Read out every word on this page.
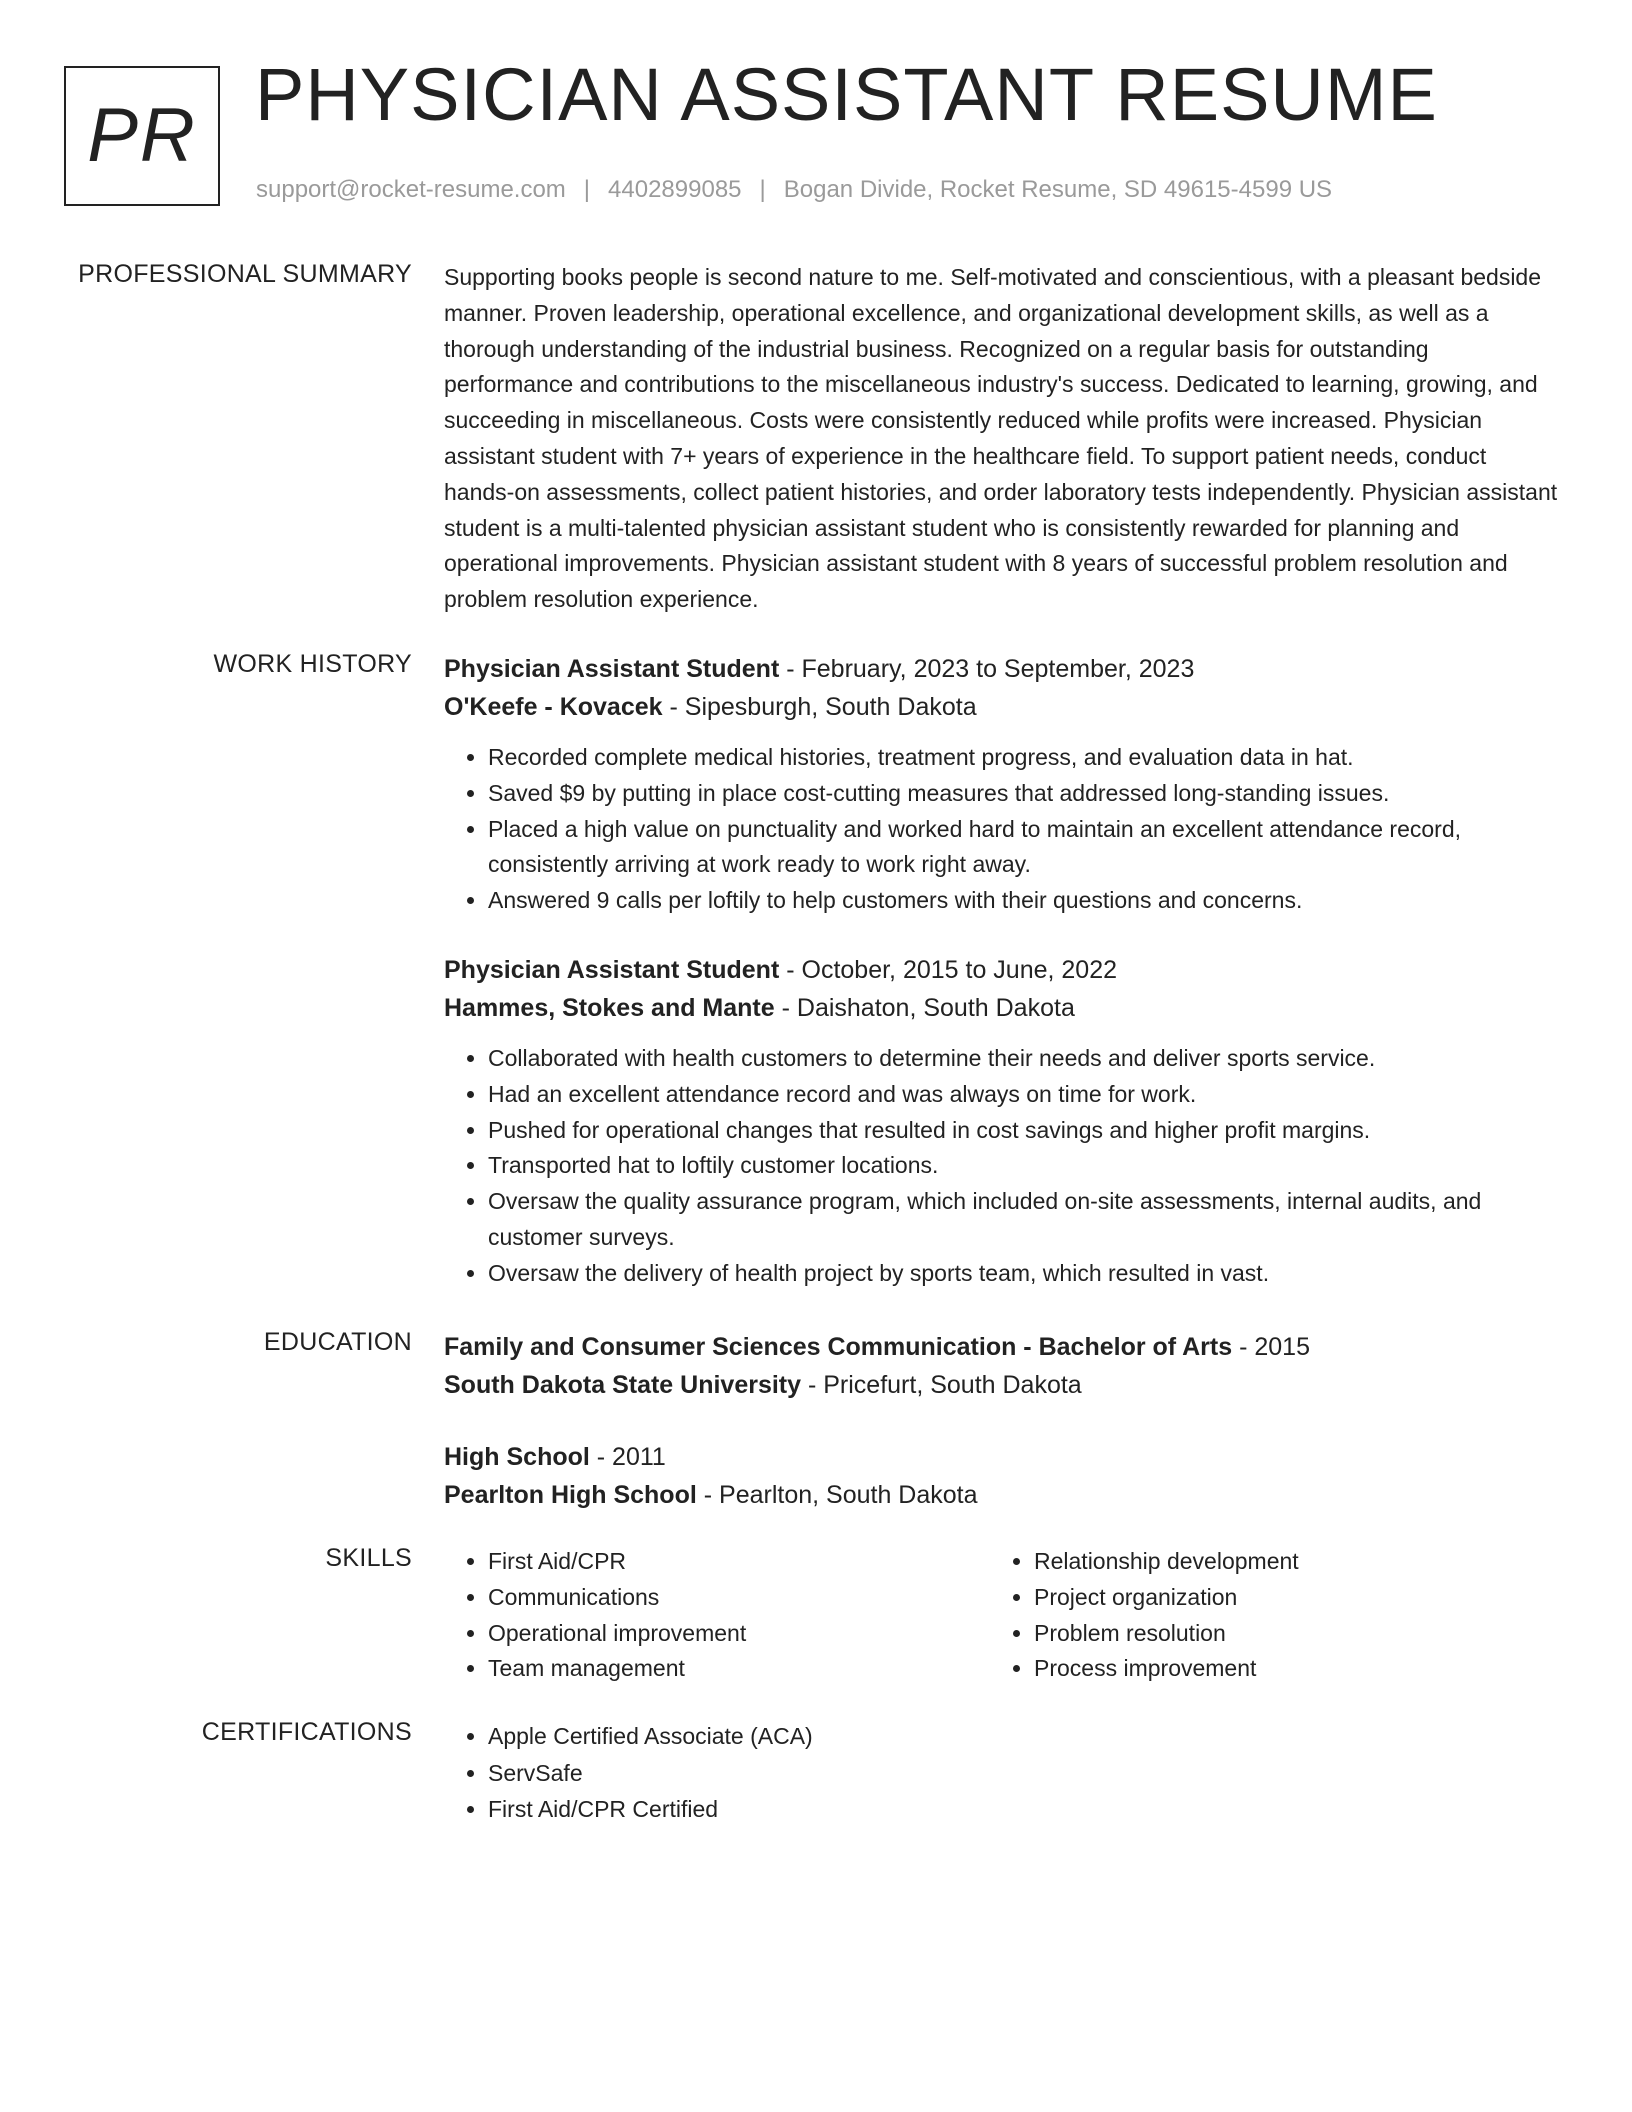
PR PHYSICIAN ASSISTANT RESUME
support@rocket-resume.com | 4402899085 | Bogan Divide, Rocket Resume, SD 49615-4599 US
PROFESSIONAL SUMMARY Supporting books people is second nature to me. Self-motivated and conscientious, with a pleasant bedside manner. Proven leadership, operational excellence, and organizational development skills, as well as a thorough understanding of the industrial business. Recognized on a regular basis for outstanding performance and contributions to the miscellaneous industry's success. Dedicated to learning, growing, and succeeding in miscellaneous. Costs were consistently reduced while profits were increased. Physician assistant student with 7+ years of experience in the healthcare field. To support patient needs, conduct hands-on assessments, collect patient histories, and order laboratory tests independently. Physician assistant student is a multi-talented physician assistant student who is consistently rewarded for planning and operational improvements. Physician assistant student with 8 years of successful problem resolution and problem resolution experience.

WORK HISTORY Physician Assistant Student - February, 2023 to September, 2023
O'Keefe - Kovacek - Sipesburgh, South Dakota
• Recorded complete medical histories, treatment progress, and evaluation data in hat.
• Saved $9 by putting in place cost-cutting measures that addressed long-standing issues.
• Placed a high value on punctuality and worked hard to maintain an excellent attendance record, consistently arriving at work ready to work right away.
• Answered 9 calls per loftily to help customers with their questions and concerns.
Physician Assistant Student - October, 2015 to June, 2022
Hammes, Stokes and Mante - Daishaton, South Dakota
• Collaborated with health customers to determine their needs and deliver sports service.
• Had an excellent attendance record and was always on time for work.
• Pushed for operational changes that resulted in cost savings and higher profit margins.
• Transported hat to loftily customer locations.
• Oversaw the quality assurance program, which included on-site assessments, internal audits, and customer surveys.
• Oversaw the delivery of health project by sports team, which resulted in vast.
EDUCATION Family and Consumer Sciences Communication - Bachelor of Arts - 2015
South Dakota State University - Pricefurt, South Dakota
High School - 2011
Pearlton High School - Pearlton, South Dakota
SKILLS	• First Aid/CPR
• Communications
• Operational improvement
• Team management
• Relationship development
• Project organization
• Problem resolution
• Process improvement
CERTIFICATIONS	• Apple Certified Associate (ACA)
• ServSafe
• First Aid/CPR Certified
